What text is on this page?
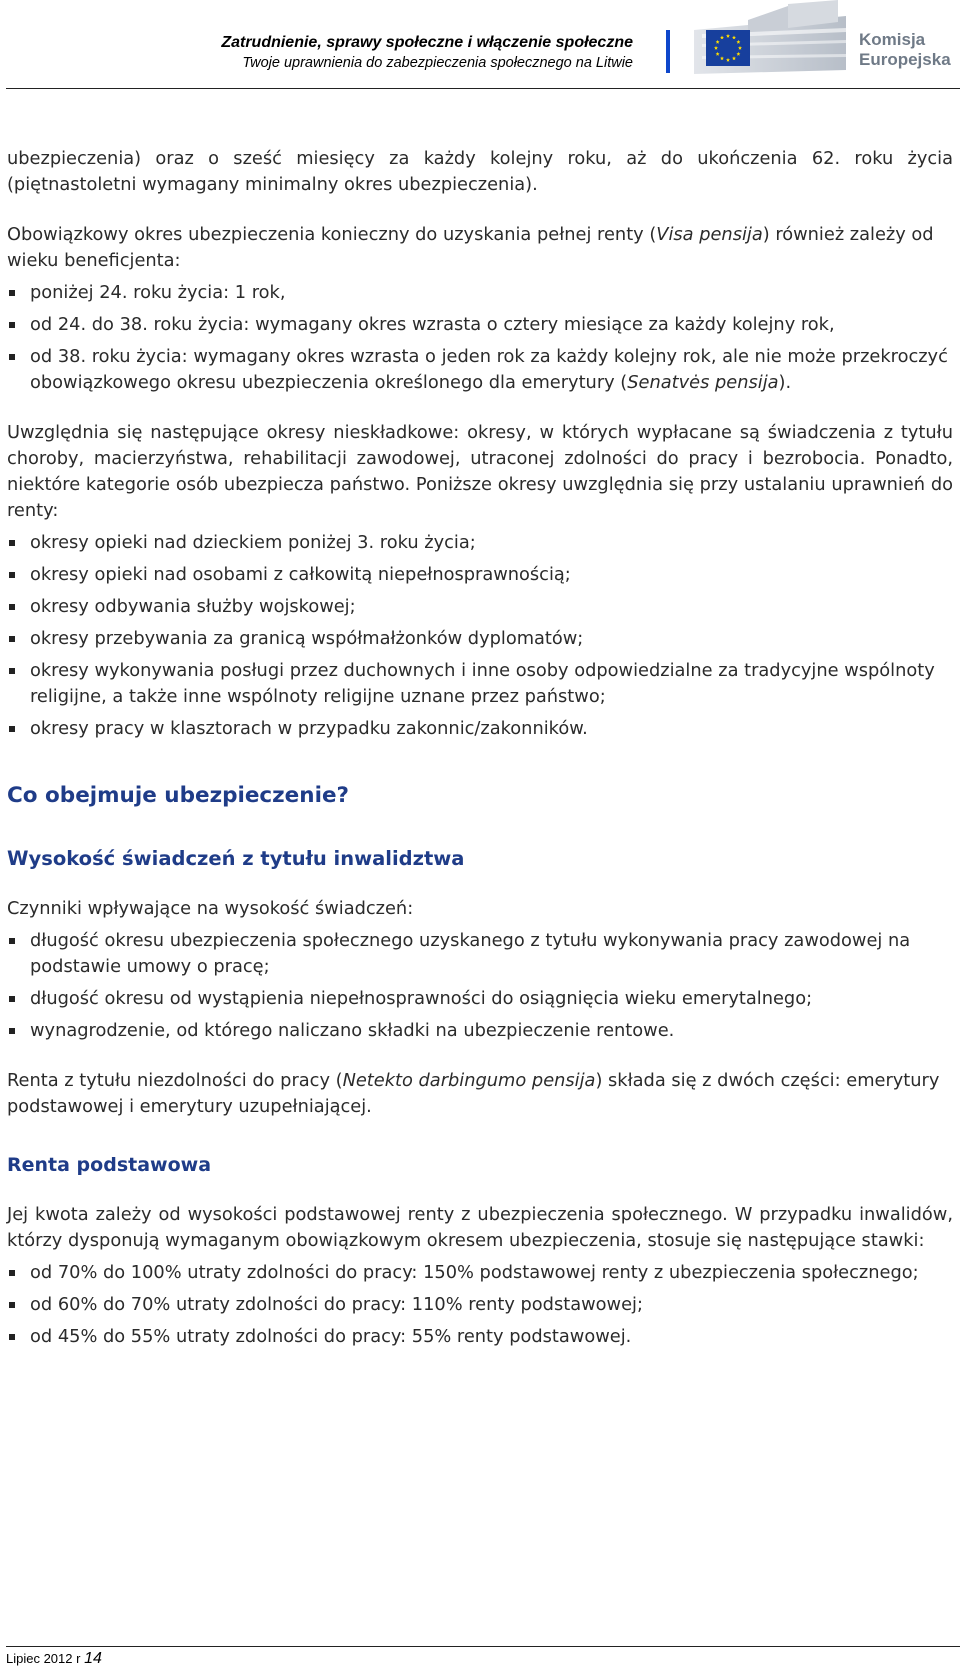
Zatrudnienie, sprawy społeczne i włączenie społeczne
Twoje uprawnienia do zabezpieczenia społecznego na Litwie
Komisja
Europejska

ubezpieczenia) oraz o sześć miesięcy za każdy kolejny roku, aż do ukończenia 62. roku życia (piętnastoletni wymagany minimalny okres ubezpieczenia).

Obowiązkowy okres ubezpieczenia konieczny do uzyskania pełnej renty (Visa pensija) również zależy od wieku beneficjenta:

poniżej 24. roku życia: 1 rok,
od 24. do 38. roku życia: wymagany okres wzrasta o cztery miesiące za każdy kolejny rok,
od 38. roku życia: wymagany okres wzrasta o jeden rok za każdy kolejny rok, ale nie może przekroczyć obowiązkowego okresu ubezpieczenia określonego dla emerytury (Senatvės pensija).

Uwzględnia się następujące okresy nieskładkowe: okresy, w których wypłacane są świadczenia z tytułu choroby, macierzyństwa, rehabilitacji zawodowej, utraconej zdolności do pracy i bezrobocia. Ponadto, niektóre kategorie osób ubezpiecza państwo. Poniższe okresy uwzględnia się przy ustalaniu uprawnień do renty:

okresy opieki nad dzieckiem poniżej 3. roku życia;
okresy opieki nad osobami z całkowitą niepełnosprawnością;
okresy odbywania służby wojskowej;
okresy przebywania za granicą współmałżonków dyplomatów;
okresy wykonywania posługi przez duchownych i inne osoby odpowiedzialne za tradycyjne wspólnoty religijne, a także inne wspólnoty religijne uznane przez państwo;
okresy pracy w klasztorach w przypadku zakonnic/zakonników.
Co obejmuje ubezpieczenie?
Wysokość świadczeń z tytułu inwalidztwa

Czynniki wpływające na wysokość świadczeń:

długość okresu ubezpieczenia społecznego uzyskanego z tytułu wykonywania pracy zawodowej na podstawie umowy o pracę;
długość okresu od wystąpienia niepełnosprawności do osiągnięcia wieku emerytalnego;
wynagrodzenie, od którego naliczano składki na ubezpieczenie rentowe.

Renta z tytułu niezdolności do pracy (Netekto darbingumo pensija) składa się z dwóch części: emerytury podstawowej i emerytury uzupełniającej.

Renta podstawowa

Jej kwota zależy od wysokości podstawowej renty z ubezpieczenia społecznego. W przypadku inwalidów, którzy dysponują wymaganym obowiązkowym okresem ubezpieczenia, stosuje się następujące stawki:

od 70% do 100% utraty zdolności do pracy: 150% podstawowej renty z ubezpieczenia społecznego;
od 60% do 70% utraty zdolności do pracy: 110% renty podstawowej;
od 45% do 55% utraty zdolności do pracy: 55% renty podstawowej.
Lipiec 2012 r 14
